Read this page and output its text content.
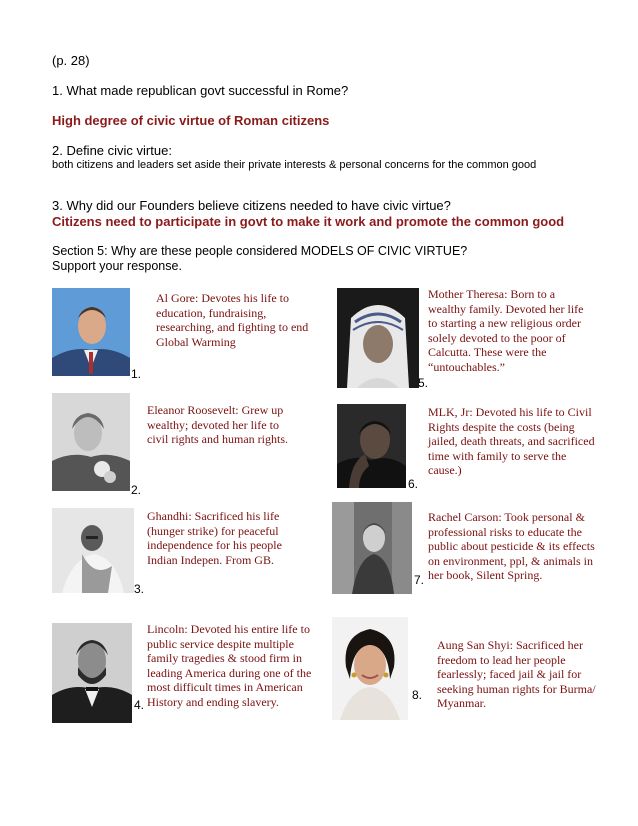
(p. 28)
1. What made republican govt successful in Rome?
High degree of civic virtue of Roman citizens
2. Define civic virtue:
both citizens and leaders set aside their private interests & personal concerns for the common good
3. Why did our Founders believe citizens needed to have civic virtue?
Citizens need to participate in govt to make it work and promote the common good
Section 5: Why are these people considered MODELS OF CIVIC VIRTUE?
Support your response.
1.
Al Gore: Devotes his life to
education, fundraising,
researching, and fighting to end
Global Warming
2.
Eleanor Roosevelt: Grew up
wealthy; devoted her life to
civil rights and human rights.
3.
Ghandhi: Sacrificed his life
(hunger strike) for peaceful
independence for his people
Indian Indepen. From GB.
4.
Lincoln: Devoted his entire life to
public service despite multiple
family tragedies & stood firm in
leading America during one of the
most difficult times in American
History and ending slavery.
5.
Mother Theresa: Born to a
wealthy family. Devoted her life
to starting a new religious order
solely devoted to the poor of
Calcutta. These were the
“untouchables.”
6.
MLK, Jr: Devoted his life to Civil
Rights despite the costs (being
jailed, death threats, and sacrificed
time with family to serve the
cause.)
7.
Rachel Carson: Took personal &
professional risks to educate the
public about pesticide & its effects
on environment, ppl, & animals in
her book, Silent Spring.
8.
Aung San Shyi: Sacrificed her
freedom to lead her people
fearlessly; faced jail & jail for
seeking human rights for Burma/
Myanmar.
